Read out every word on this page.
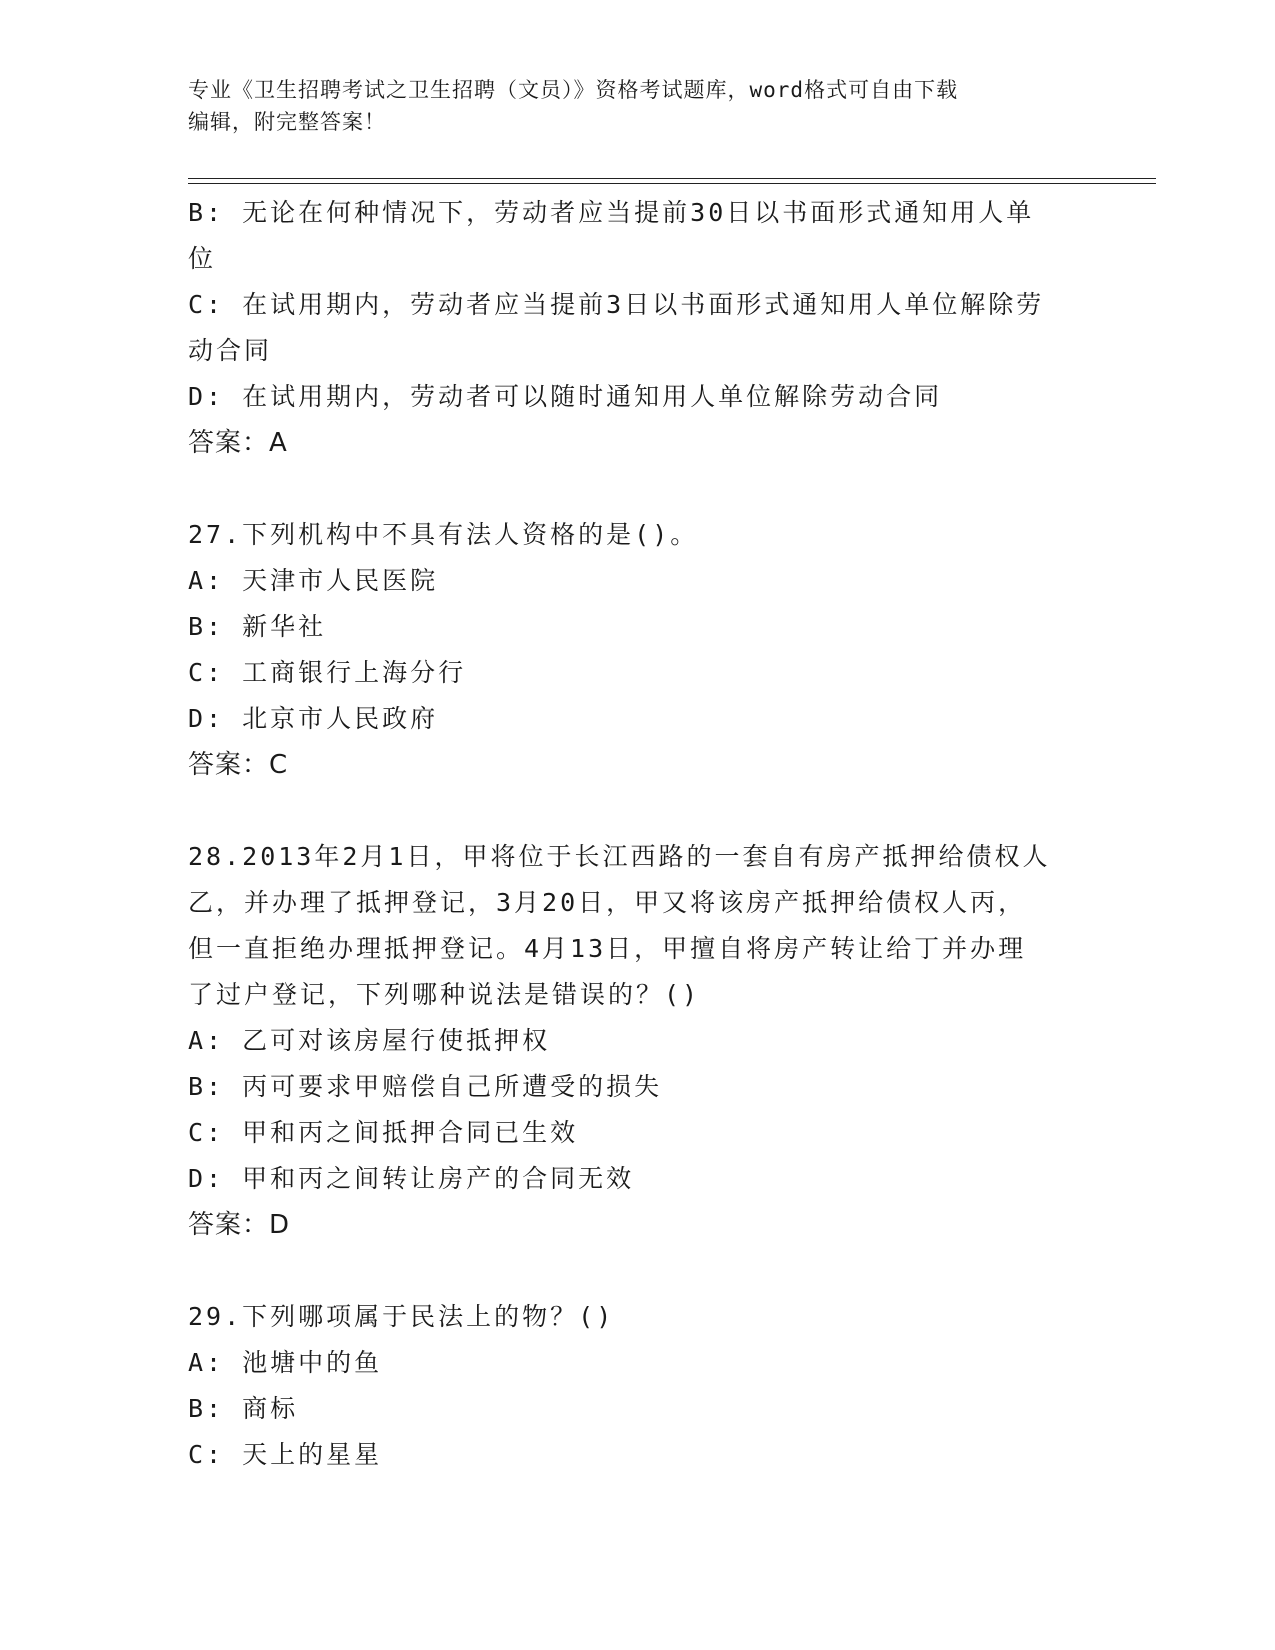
专业《卫生招聘考试之卫生招聘（文员）》资格考试题库，word格式可自由下载
编辑，附完整答案！
B: 无论在何种情况下，劳动者应当提前30日以书面形式通知用人单
位
C: 在试用期内，劳动者应当提前3日以书面形式通知用人单位解除劳
动合同
D: 在试用期内，劳动者可以随时通知用人单位解除劳动合同
答案：A
27.下列机构中不具有法人资格的是()。
A: 天津市人民医院
B: 新华社
C: 工商银行上海分行
D: 北京市人民政府
答案：C
28.2013年2月1日，甲将位于长江西路的一套自有房产抵押给债权人
乙，并办理了抵押登记，3月20日，甲又将该房产抵押给债权人丙，
但一直拒绝办理抵押登记。4月13日，甲擅自将房产转让给丁并办理
了过户登记，下列哪种说法是错误的？()
A: 乙可对该房屋行使抵押权
B: 丙可要求甲赔偿自己所遭受的损失
C: 甲和丙之间抵押合同已生效
D: 甲和丙之间转让房产的合同无效
答案：D
29.下列哪项属于民法上的物？()
A: 池塘中的鱼
B: 商标
C: 天上的星星
